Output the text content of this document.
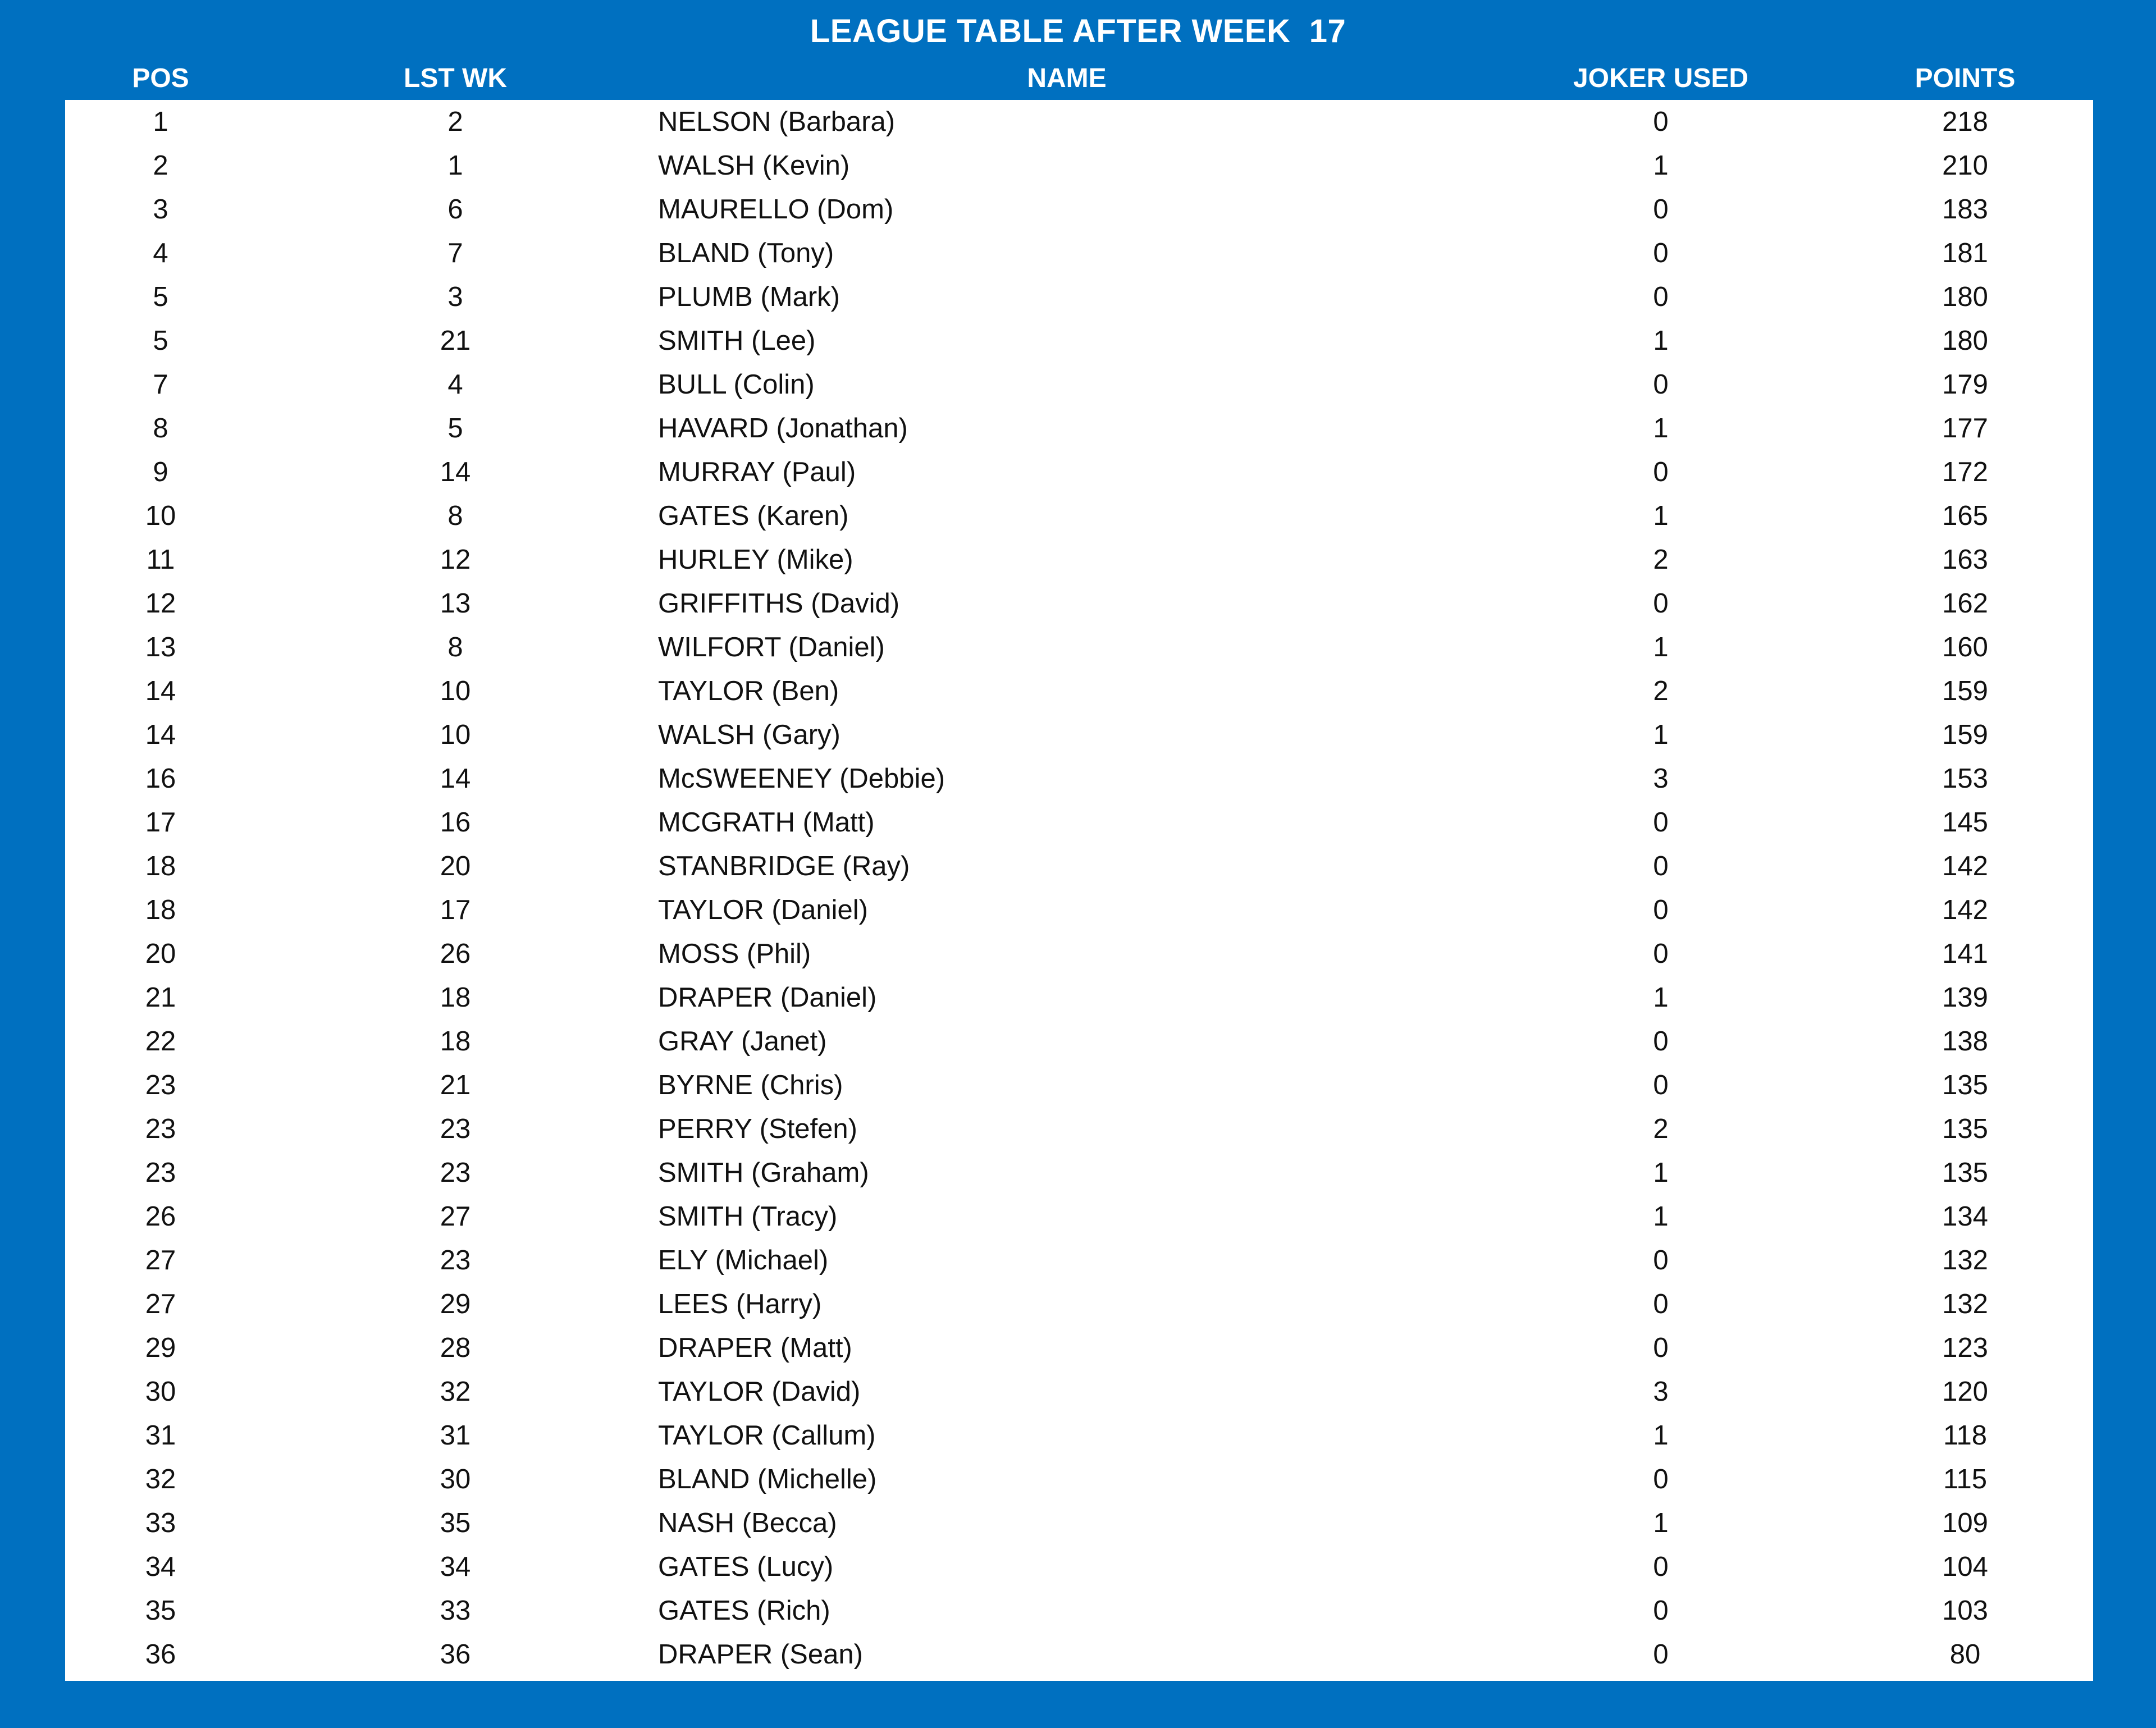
LEAGUE TABLE AFTER WEEK  17
POS	LST WK	NAME	JOKER USED	POINTS
1	2	NELSON (Barbara)	0	218
2	1	WALSH (Kevin)	1	210
3	6	MAURELLO (Dom)	0	183
4	7	BLAND (Tony)	0	181
5	3	PLUMB (Mark)	0	180
5	21	SMITH (Lee)	1	180
7	4	BULL (Colin)	0	179
8	5	HAVARD (Jonathan)	1	177
9	14	MURRAY (Paul)	0	172
10	8	GATES (Karen)	1	165
11	12	HURLEY (Mike)	2	163
12	13	GRIFFITHS (David)	0	162
13	8	WILFORT (Daniel)	1	160
14	10	TAYLOR (Ben)	2	159
14	10	WALSH (Gary)	1	159
16	14	McSWEENEY (Debbie)	3	153
17	16	MCGRATH (Matt)	0	145
18	20	STANBRIDGE (Ray)	0	142
18	17	TAYLOR (Daniel)	0	142
20	26	MOSS (Phil)	0	141
21	18	DRAPER (Daniel)	1	139
22	18	GRAY (Janet)	0	138
23	21	BYRNE (Chris)	0	135
23	23	PERRY (Stefen)	2	135
23	23	SMITH (Graham)	1	135
26	27	SMITH (Tracy)	1	134
27	23	ELY (Michael)	0	132
27	29	LEES (Harry)	0	132
29	28	DRAPER (Matt)	0	123
30	32	TAYLOR (David)	3	120
31	31	TAYLOR (Callum)	1	118
32	30	BLAND (Michelle)	0	115
33	35	NASH (Becca)	1	109
34	34	GATES (Lucy)	0	104
35	33	GATES (Rich)	0	103
36	36	DRAPER (Sean)	0	80
